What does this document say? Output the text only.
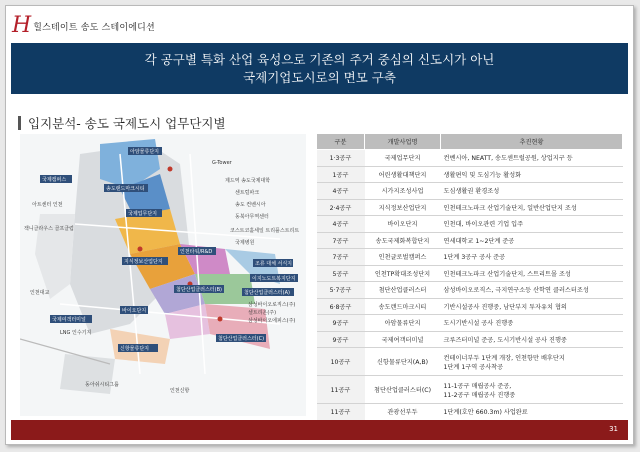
H 힐스테이트 송도 스테이에디션
각 공구별 특화 산업 육성으로 기존의 주거 중심의 신도시가 아닌
국제기업도시로의 면모 구축
입지분석- 송도 국제도시 업무단지별
G-Tower
제드역 송도국제대학
센트럴파크
송도 컨벤시아
동북아무역센터
코스트코홀세일 트리플스트리트
국제병원
삼성바이오로직스(주)
셀트리온(주)
삼성바이오에피스(주)
아트센터 인천
잭니클라우스 골프클럽
인천대교
LNG 인수기지
동아쉬시티그룹
인천신항
아암물류단지
국제캠퍼스
송도랜드마크시티
국제업무단지
지식정보산업단지
인천타워/R&D
첨단산업클러스터(B)	첨단산업클러스터(A)
바이오단지
신항물류단지
국제여객터미널
첨단산업클러스터(C)
조류 대체 서식지
이지노도트복지단지
구분	개발사업명	추진현황
1·3공구	국제업무단지	컨벤시아, NEATT, 송도센트럴공원, 상업지구 등
1공구	어린생활대책단지	생활편익 및 도심기능 활성화
4공구	시가지조성사업	도심생활권 환경조성
2·4공구	지식정보산업단지	인천테크노파크 산업기술단지, 일반산업단지 조성
4공구	바이오단지	인천대, 바이오관련 기업 입주
7공구	송도국제화복합단지	연세대학교 1~2단계 준공
7공구	인천글로벌캠퍼스	1단계 3공구 공사 준공
5공구	인천TP확대조성단지	인천테크노파크 산업기술단지, 스트리트몰 조성
5·7공구	첨단산업클러스터	삼성바이오로직스, 극지연구소등 산학연 클러스터조성
6·8공구	송도랜드마크시티	기반시설공사 진행중, 남단부지 투자유치 협의
9공구	아암물류단지	도시기반시설 공사 진행중
9공구	국제여객터미널	크루즈터미널 준공, 도시기반시설 공사 진행중
10공구	신항물류단지(A,B)	컨테이너부두 1단계 개장, 인천항만 배후단지
1단계 1구역 공사착공
11공구	첨단산업클러스터(C)	11-1공구 매립공사 준공,
11-2공구 매립공사 진행중
11공구	관광선부두	1단계(호안 660.3m) 사업완료
31
